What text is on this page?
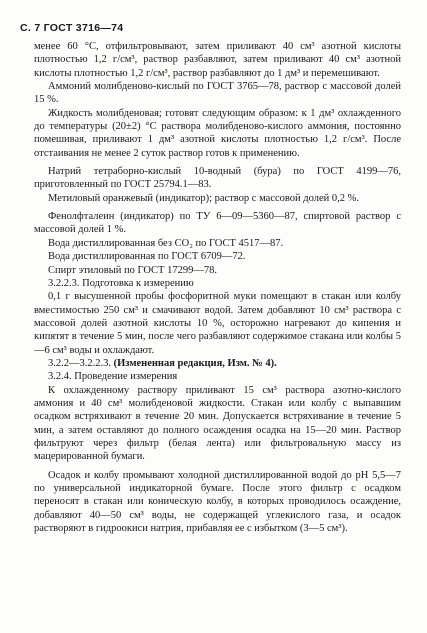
С. 7 ГОСТ 3716—74

менее 60 °С, отфильтровывают, затем приливают 40 см³ азотной кислоты плотностью 1,2 г/см³, раствор разбавляют, затем приливают 40 см³ азотной кислоты плотностью 1,2 г/см³, раствор разбавляют до 1 дм³ и перемешивают.

Аммоний молибденово-кислый по ГОСТ 3765—78, раствор с массовой долей 15 %.

Жидкость молибденовая; готовят следующим образом: к 1 дм³ охлажденного до температуры (20±2) °С раствора молибденово-кислого аммония, постоянно помешивая, приливают 1 дм³ азотной кислоты плотностью 1,2 г/см³. После отстаивания не менее 2 суток раствор готов к применению.

Натрий тетраборно-кислый 10-водный (бура) по ГОСТ 4199—76, приготовленный по ГОСТ 25794.1—83.

Метиловый оранжевый (индикатор); раствор с массовой долей 0,2 %.

Фенолфталеин (индикатор) по ТУ 6—09—5360—87, спиртовой раствор с массовой долей 1 %.

Вода дистиллированная без CO₂ по ГОСТ 4517—87.

Вода дистиллированная по ГОСТ 6709—72.

Спирт этиловый по ГОСТ 17299—78.

3.2.2.3. Подготовка к измерению

0,1 г высушенной пробы фосфоритной муки помещают в стакан или колбу вместимостью 250 см³ и смачивают водой. Затем добавляют 10 см³ раствора с массовой долей азотной кислоты 10 %, осторожно нагревают до кипения и кипятят в течение 5 мин, после чего разбавляют содержимое стакана или колбы 5—6 см³ воды и охлаждают.

3.2.2—3.2.2.3. (Измененная редакция, Изм. № 4).

3.2.4. Проведение измерения

К охлажденному раствору приливают 15 см³ раствора азотно-кислого аммония и 40 см³ молибденовой жидкости. Стакан или колбу с выпавшим осадком встряхивают в течение 20 мин. Допускается встряхивание в течение 5 мин, а затем оставляют до полного осаждения осадка на 15—20 мин. Раствор фильтруют через фильтр (белая лента) или фильтровальную массу из мацерированной бумаги.

Осадок и колбу промывают холодной дистиллированной водой до pH 5,5—7 по универсальной индикаторной бумаге. После этого фильтр с осадком переносят в стакан или коническую колбу, в которых проводилось осаждение, добавляют 40—50 см³ воды, не содержащей углекислого газа, и осадок растворяют в гидроокиси натрия, прибавляя ее с избытком (3—5 см³).
